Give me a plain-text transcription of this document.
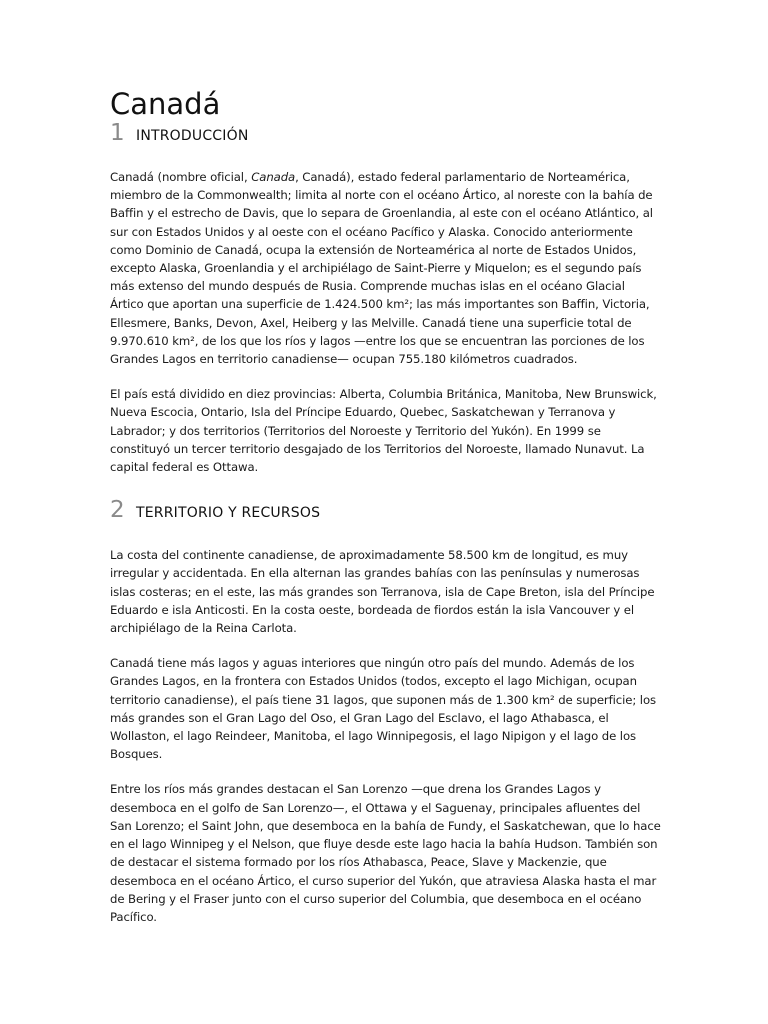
Canadá
1 INTRODUCCIÓN

Canadá (nombre oficial, Canada, Canadá), estado federal parlamentario de Norteamérica, miembro de la Commonwealth; limita al norte con el océano Ártico, al noreste con la bahía de Baffin y el estrecho de Davis, que lo separa de Groenlandia, al este con el océano Atlántico, al sur con Estados Unidos y al oeste con el océano Pacífico y Alaska. Conocido anteriormente como Dominio de Canadá, ocupa la extensión de Norteamérica al norte de Estados Unidos, excepto Alaska, Groenlandia y el archipiélago de Saint-Pierre y Miquelon; es el segundo país más extenso del mundo después de Rusia. Comprende muchas islas en el océano Glacial Ártico que aportan una superficie de 1.424.500 km²; las más importantes son Baffin, Victoria, Ellesmere, Banks, Devon, Axel, Heiberg y las Melville. Canadá tiene una superficie total de 9.970.610 km², de los que los ríos y lagos —entre los que se encuentran las porciones de los Grandes Lagos en territorio canadiense— ocupan 755.180 kilómetros cuadrados.

El país está dividido en diez provincias: Alberta, Columbia Británica, Manitoba, New Brunswick, Nueva Escocia, Ontario, Isla del Príncipe Eduardo, Quebec, Saskatchewan y Terranova y Labrador; y dos territorios (Territorios del Noroeste y Territorio del Yukón). En 1999 se constituyó un tercer territorio desgajado de los Territorios del Noroeste, llamado Nunavut. La capital federal es Ottawa.

2 TERRITORIO Y RECURSOS

La costa del continente canadiense, de aproximadamente 58.500 km de longitud, es muy irregular y accidentada. En ella alternan las grandes bahías con las penínsulas y numerosas islas costeras; en el este, las más grandes son Terranova, isla de Cape Breton, isla del Príncipe Eduardo e isla Anticosti. En la costa oeste, bordeada de fiordos están la isla Vancouver y el archipiélago de la Reina Carlota.

Canadá tiene más lagos y aguas interiores que ningún otro país del mundo. Además de los Grandes Lagos, en la frontera con Estados Unidos (todos, excepto el lago Michigan, ocupan territorio canadiense), el país tiene 31 lagos, que suponen más de 1.300 km² de superficie; los más grandes son el Gran Lago del Oso, el Gran Lago del Esclavo, el lago Athabasca, el Wollaston, el lago Reindeer, Manitoba, el lago Winnipegosis, el lago Nipigon y el lago de los Bosques.

Entre los ríos más grandes destacan el San Lorenzo —que drena los Grandes Lagos y desemboca en el golfo de San Lorenzo—, el Ottawa y el Saguenay, principales afluentes del San Lorenzo; el Saint John, que desemboca en la bahía de Fundy, el Saskatchewan, que lo hace en el lago Winnipeg y el Nelson, que fluye desde este lago hacia la bahía Hudson. También son de destacar el sistema formado por los ríos Athabasca, Peace, Slave y Mackenzie, que desemboca en el océano Ártico, el curso superior del Yukón, que atraviesa Alaska hasta el mar de Bering y el Fraser junto con el curso superior del Columbia, que desemboca en el océano Pacífico.
